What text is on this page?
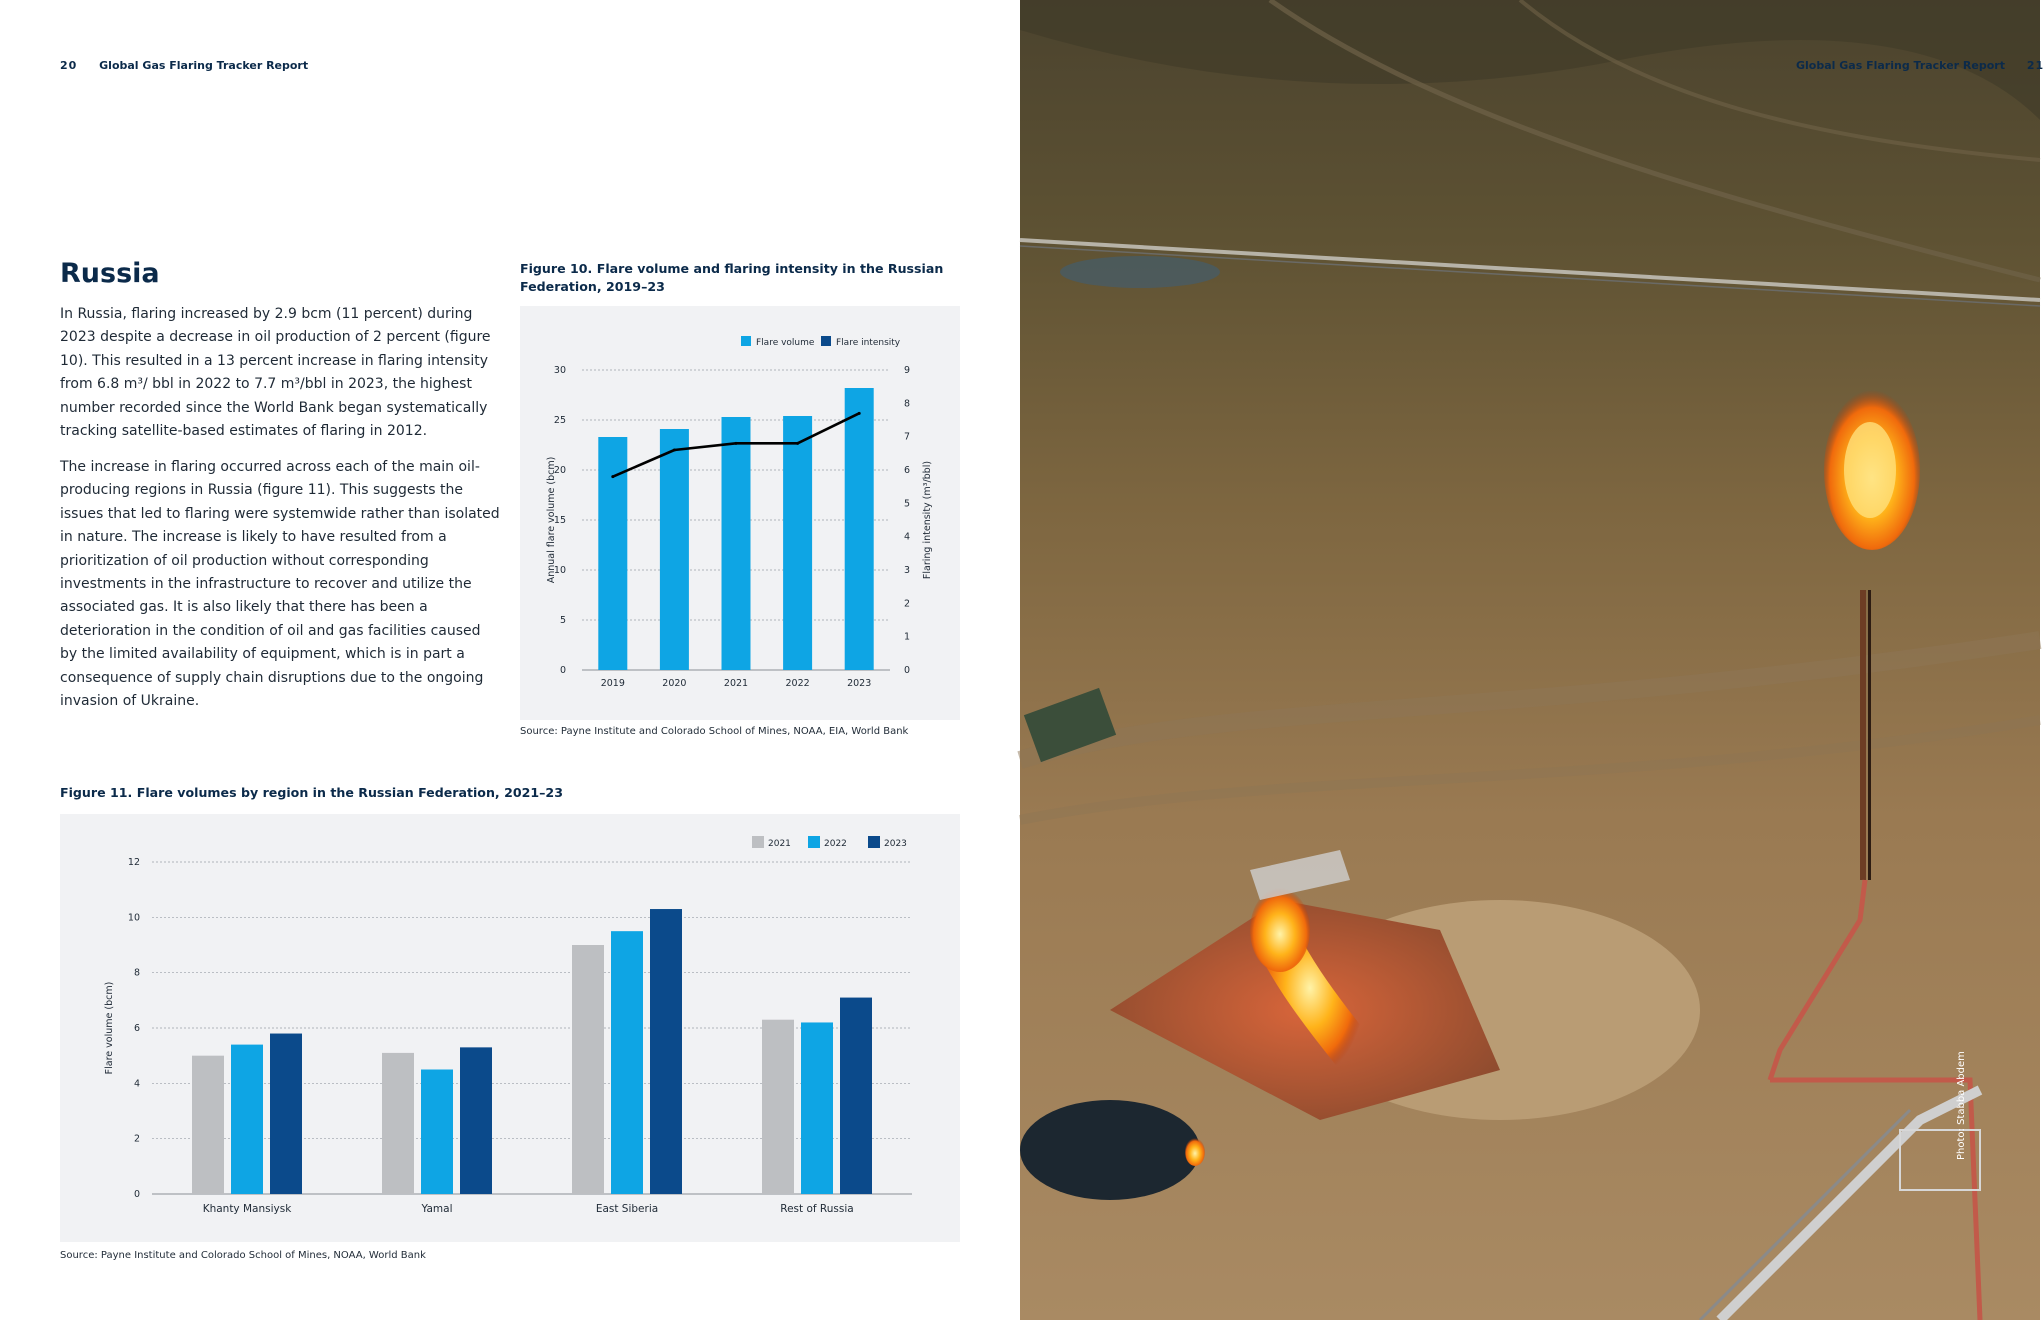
20 Global Gas Flaring Tracker Report
Russia

In Russia, flaring increased by 2.9 bcm (11 percent) during 2023 despite a decrease in oil production of 2 percent (figure 10). This resulted in a 13 percent increase in flaring intensity from 6.8 m³/ bbl in 2022 to 7.7 m³/bbl in 2023, the highest number recorded since the World Bank began systematically tracking satellite-based estimates of flaring in 2012.

The increase in flaring occurred across each of the main oil-producing regions in Russia (figure 11). This suggests the issues that led to flaring were systemwide rather than isolated in nature. The increase is likely to have resulted from a prioritization of oil production without corresponding investments in the infrastructure to recover and utilize the associated gas. It is also likely that there has been a deterioration in the condition of oil and gas facilities caused by the limited availability of equipment, which is in part a consequence of supply chain disruptions due to the ongoing invasion of Ukraine.

Figure 10. Flare volume and flaring intensity in the Russian Federation, 2019–23
0
5
10
15
20
25
30
0
1
2
3
4
5
6
7
8
9
2019	2020	2021	2022	2023
Annual flare volume (bcm)	Flaring intensity (m³/bbl)
Flare volume Flare intensity
Source: Payne Institute and Colorado School of Mines, NOAA, EIA, World Bank
Figure 11. Flare volumes by region in the Russian Federation, 2021–23
0
2
4
6
8
10
12
Khanty Mansiysk	Yamal	East Siberia	Rest of Russia
Flare volume (bcm)
2021	2022	2023
Source: Payne Institute and Colorado School of Mines, NOAA, World Bank
Global Gas Flaring Tracker Report 21
Photo: Stabba Abdem
